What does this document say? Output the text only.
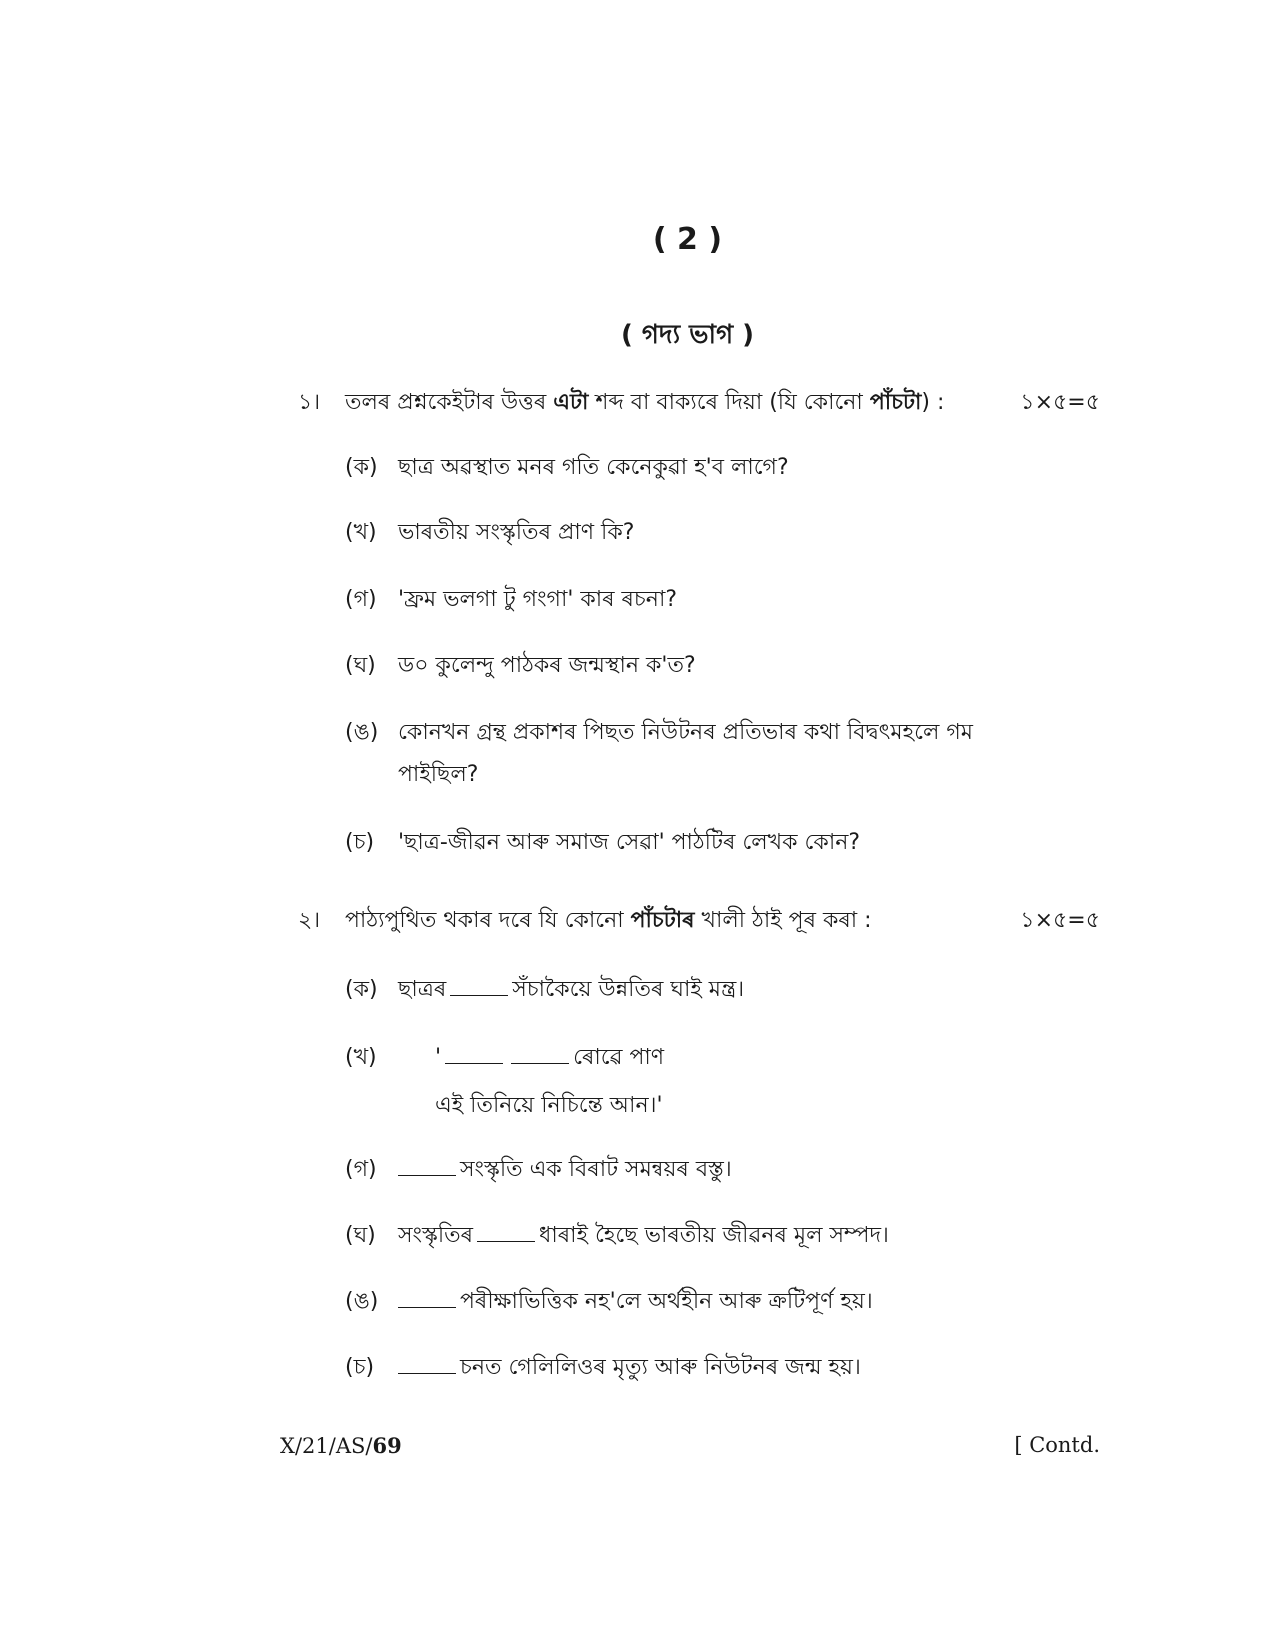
( 2 )
( গদ্য ভাগ )
১। তলৰ প্ৰশ্নকেইটাৰ উত্তৰ এটা শব্দ বা বাক্যৰে দিয়া (যি কোনো পাঁচটা) :	১×৫=৫
(ক) ছাত্ৰ অৱস্থাত মনৰ গতি কেনেকুৱা হ'ব লাগে?
(খ) ভাৰতীয় সংস্কৃতিৰ প্ৰাণ কি?
(গ) 'ফ্ৰম ভলগা টু গংগা' কাৰ ৰচনা?
(ঘ) ড০ কুলেন্দু পাঠকৰ জন্মস্থান ক'ত?
(ঙ) কোনখন গ্ৰন্থ প্ৰকাশৰ পিছত নিউটনৰ প্ৰতিভাৰ কথা বিদ্বৎমহলে গম
পাইছিল?
(চ) 'ছাত্ৰ-জীৱন আৰু সমাজ সেৱা' পাঠটিৰ লেখক কোন?
২। পাঠ্যপুথিত থকাৰ দৰে যি কোনো পাঁচটাৰ খালী ঠাই পূৰ কৰা :	১×৫=৫
(ক) ছাত্ৰৰ	সঁচাকৈয়ে উন্নতিৰ ঘাই মন্ত্ৰ।
(খ)	'	ৰোৱে পাণ
এই তিনিয়ে নিচিন্তে আন।'
(গ)	সংস্কৃতি এক বিৰাট সমন্বয়ৰ বস্তু।
(ঘ) সংস্কৃতিৰ	ধাৰাই হৈছে ভাৰতীয় জীৱনৰ মূল সম্পদ।
(ঙ)	পৰীক্ষাভিত্তিক নহ'লে অৰ্থহীন আৰু ক্ৰটিপূৰ্ণ হয়।
(চ)	চনত গেলিলিওৰ মৃত্যু আৰু নিউটনৰ জন্ম হয়।
X/21/AS/69	[ Contd.
